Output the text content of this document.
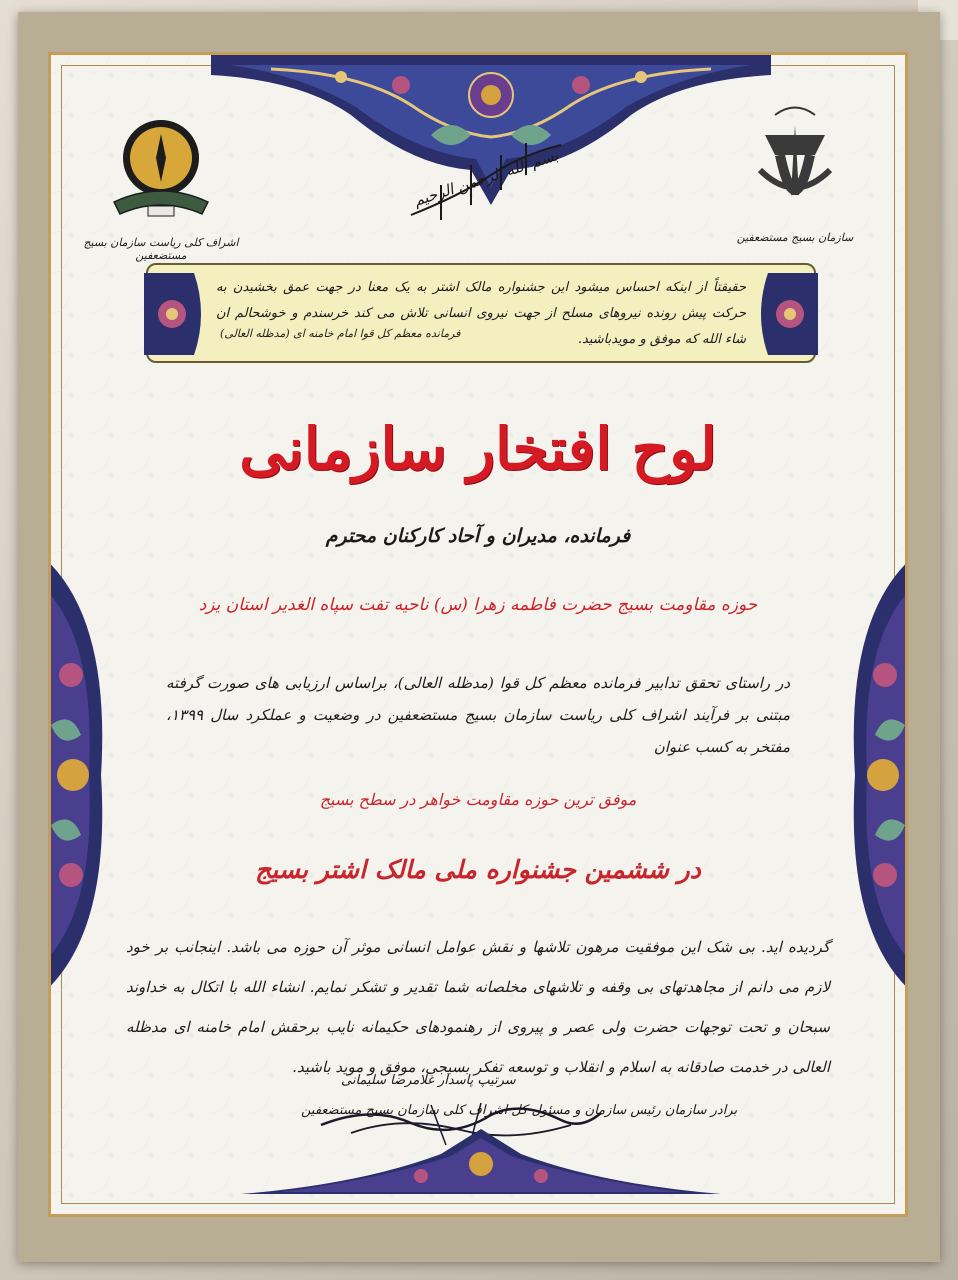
اشراف کلی ریاست سازمان بسیج مستضعفین
سازمان بسیج مستضعفین
بسم الله الرحمن الرحیم
حقیقتاً از اینکه احساس میشود این جشنواره مالک اشتر به یک معنا در جهت عمق بخشیدن به حرکت پیش رونده نیروهای مسلح از جهت نیروی انسانی تلاش می کند خرسندم و خوشحالم ان شاء الله که موفق و مویدباشید.
فرمانده معظم کل قوا امام خامنه ای (مدظله العالی)
لوح افتخار سازمانی
فرمانده، مدیران و آحاد کارکنان محترم
حوزه مقاومت بسیج حضرت فاطمه زهرا (س) ناحیه تفت سپاه الغدیر استان یزد
در راستای تحقق تدابیر فرمانده معظم کل قوا (مدظله العالی)، براساس ارزیابی های صورت گرفته مبتنی بر فرآیند اشراف کلی ریاست سازمان بسیج مستضعفین در وضعیت و عملکرد سال ۱۳۹۹، مفتخر به کسب عنوان
موفق ترین حوزه مقاومت خواهر در سطح بسیج
در ششمین جشنواره ملی مالک اشتر بسیج
گردیده اید. بی شک این موفقیت مرهون تلاشها و نقش عوامل انسانی موثر آن حوزه می باشد. اینجانب بر خود لازم می دانم از مجاهدتهای بی وقفه و تلاشهای مخلصانه شما تقدیر و تشکر نمایم. انشاء الله با اتکال به خداوند سبحان و تحت توجهات حضرت ولی عصر و پیروی از رهنمودهای حکیمانه نایب برحقش امام خامنه ای مدظله العالی در خدمت صادقانه به اسلام و انقلاب و توسعه تفکر بسیجی، موفق و موید باشید.
سرتیپ پاسدار غلامرضا سلیمانی
برادر سازمان رئیس سازمان و مسئول کل اشراف کلی سازمان بسیج مستضعفین
